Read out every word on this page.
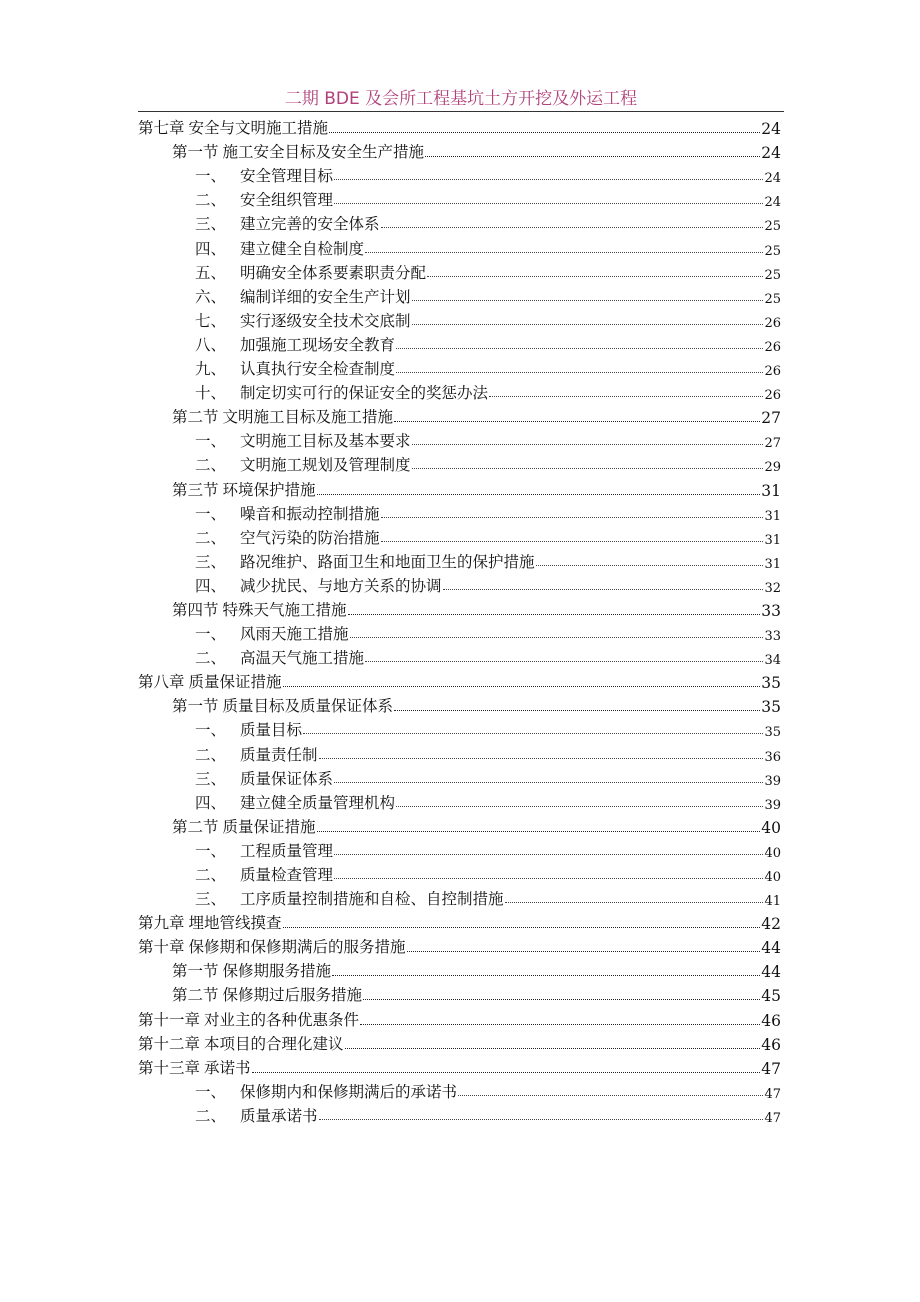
二期 BDE 及会所工程基坑土方开挖及外运工程
第七章 安全与文明施工措施	24
第一节 施工安全目标及安全生产措施	24
一、 安全管理目标	24
二、 安全组织管理	24
三、 建立完善的安全体系	25
四、 建立健全自检制度	25
五、 明确安全体系要素职责分配	25
六、 编制详细的安全生产计划	25
七、 实行逐级安全技术交底制	26
八、 加强施工现场安全教育	26
九、 认真执行安全检查制度	26
十、 制定切实可行的保证安全的奖惩办法	26
第二节 文明施工目标及施工措施	27
一、 文明施工目标及基本要求	27
二、 文明施工规划及管理制度	29
第三节 环境保护措施	31
一、 噪音和振动控制措施	31
二、 空气污染的防治措施	31
三、 路况维护、路面卫生和地面卫生的保护措施	31
四、 减少扰民、与地方关系的协调	32
第四节 特殊天气施工措施	33
一、 风雨天施工措施	33
二、 高温天气施工措施	34
第八章 质量保证措施	35
第一节 质量目标及质量保证体系	35
一、 质量目标	35
二、 质量责任制	36
三、 质量保证体系	39
四、 建立健全质量管理机构	39
第二节 质量保证措施	40
一、 工程质量管理	40
二、 质量检查管理	40
三、 工序质量控制措施和自检、自控制措施	41
第九章 埋地管线摸查	42
第十章 保修期和保修期满后的服务措施	44
第一节 保修期服务措施	44
第二节 保修期过后服务措施	45
第十一章 对业主的各种优惠条件	46
第十二章 本项目的合理化建议	46
第十三章 承诺书	47
一、 保修期内和保修期满后的承诺书	47
二、 质量承诺书	47
